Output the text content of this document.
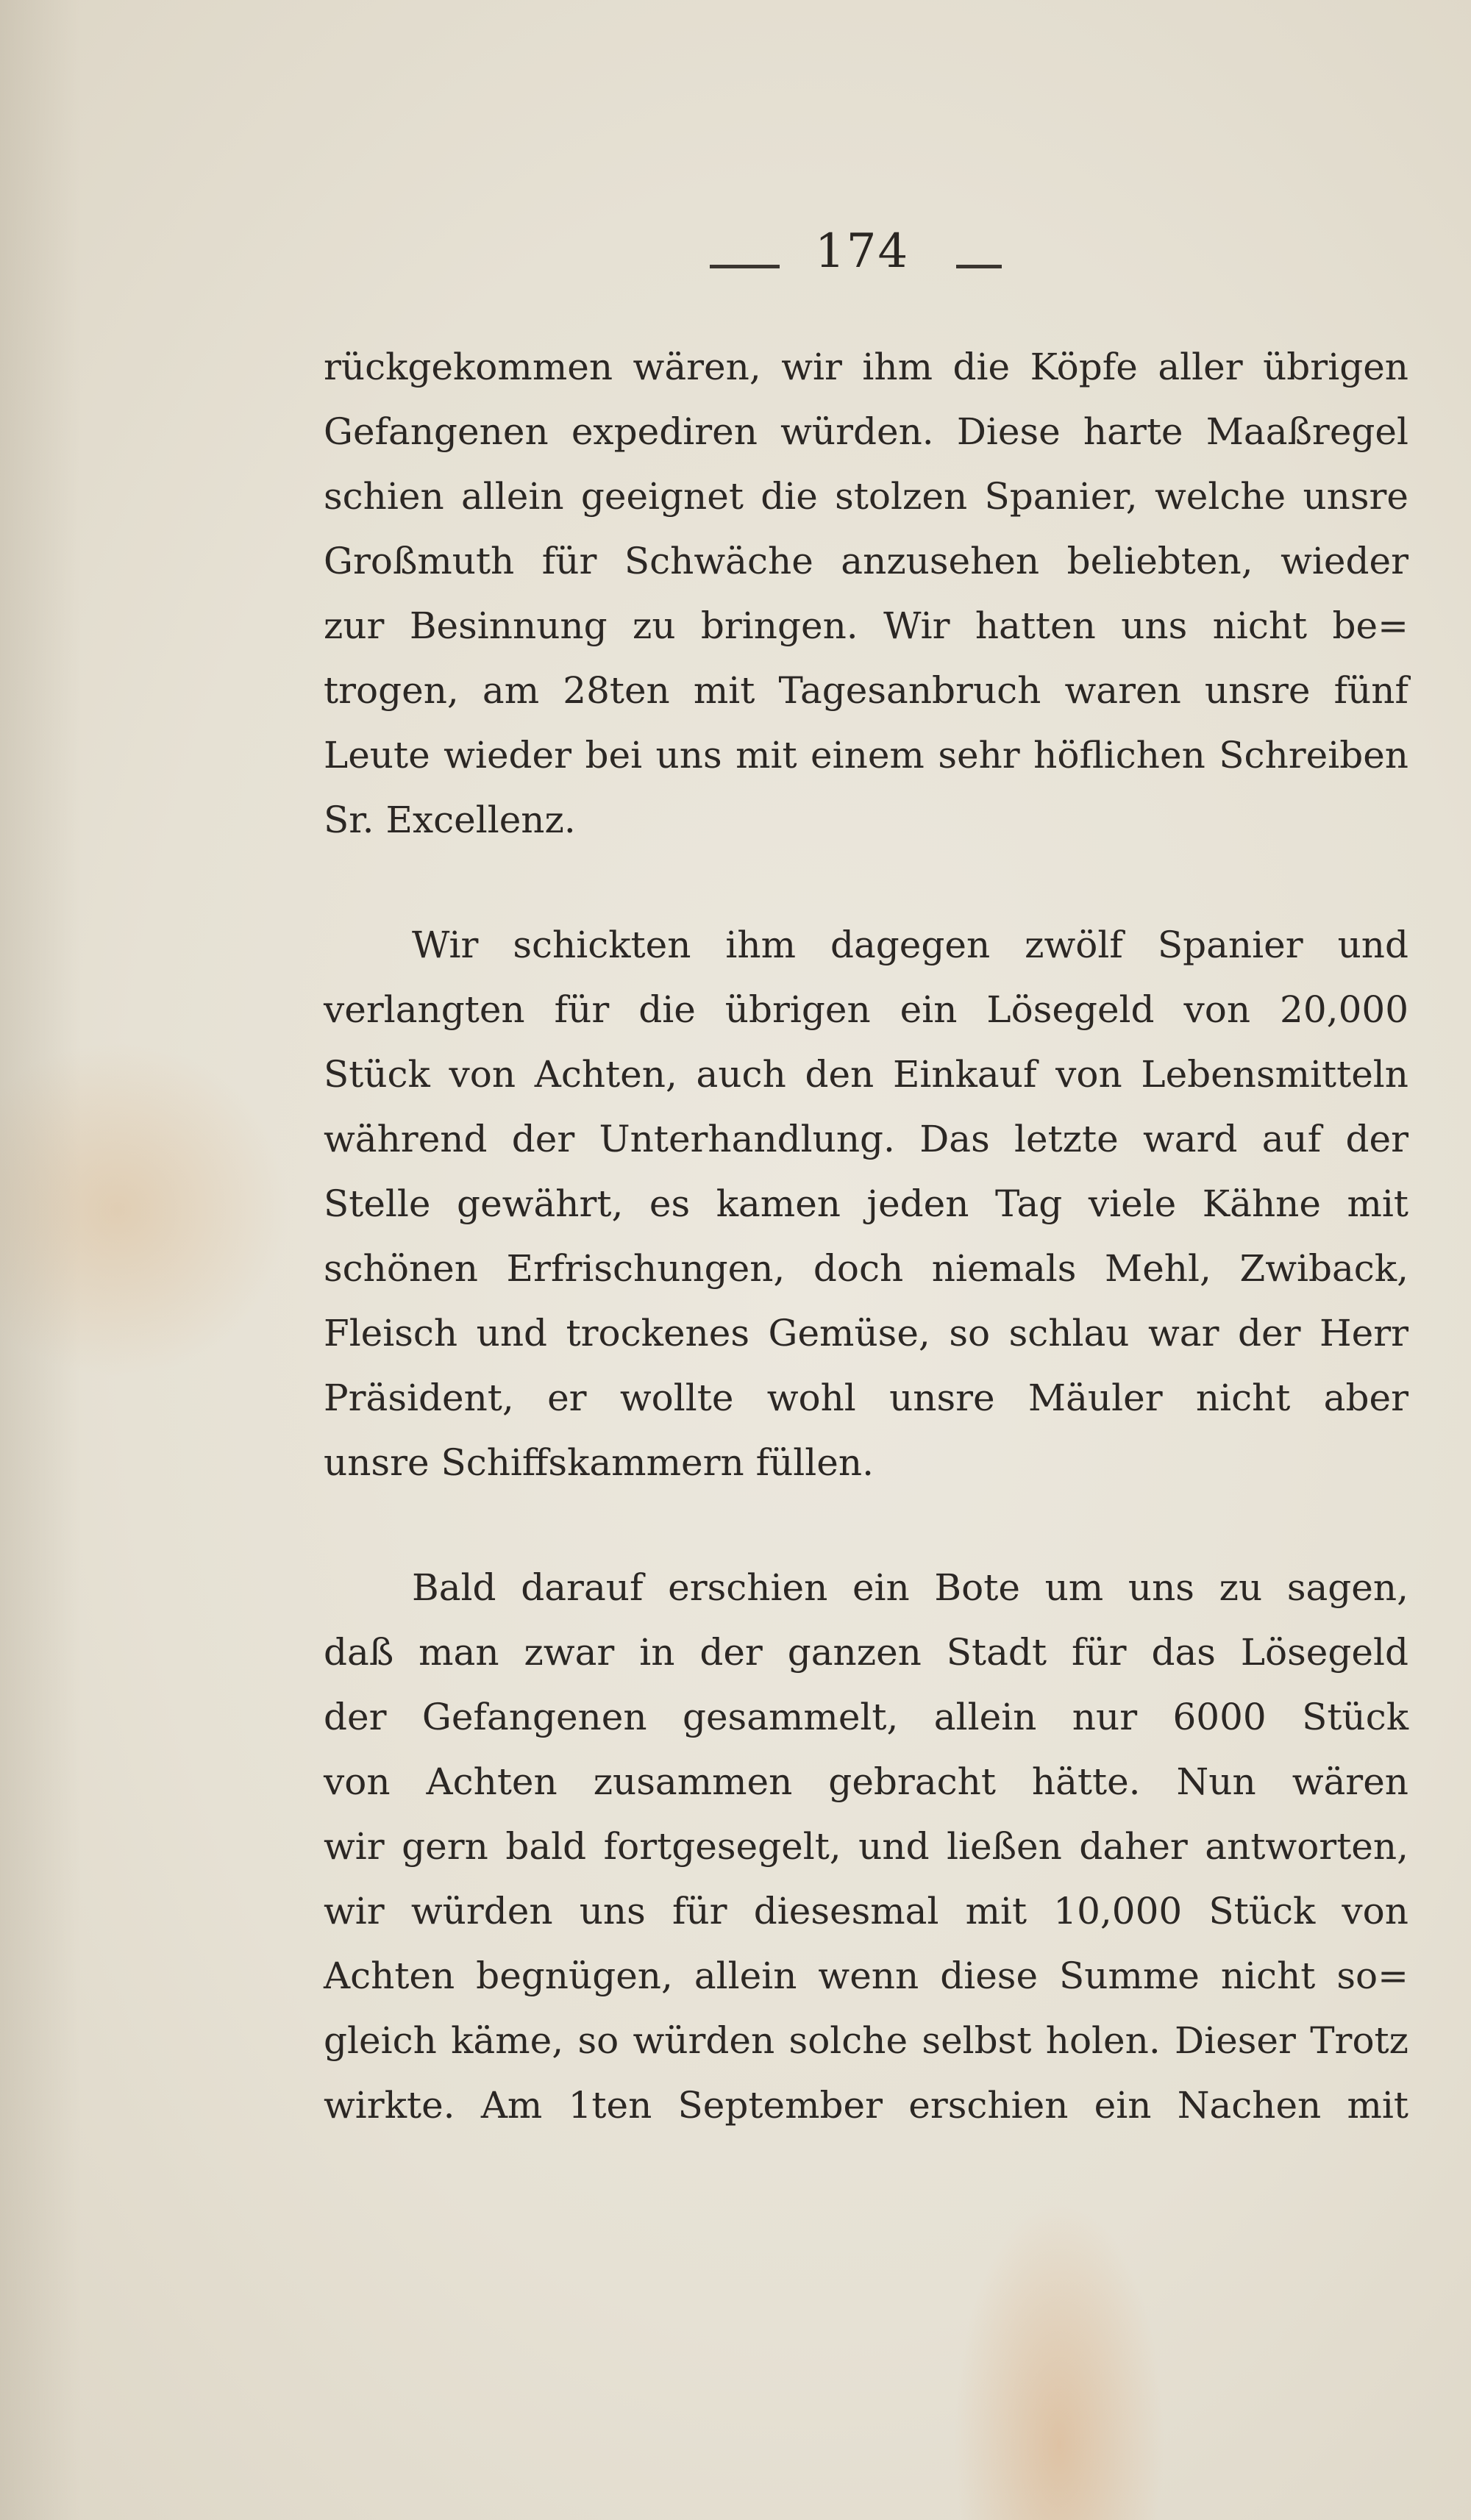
174
rückgekommen wären, wir ihm die Köpfe aller übrigen
Gefangenen expediren würden. Diese harte Maaßregel
schien allein geeignet die stolzen Spanier, welche unsre
Großmuth für Schwäche anzusehen beliebten, wieder
zur Besinnung zu bringen. Wir hatten uns nicht be=
trogen, am 28ten mit Tagesanbruch waren unsre fünf
Leute wieder bei uns mit einem sehr höflichen Schreiben
Sr. Excellenz.
Wir schickten ihm dagegen zwölf Spanier und
verlangten für die übrigen ein Lösegeld von 20,000
Stück von Achten, auch den Einkauf von Lebensmitteln
während der Unterhandlung. Das letzte ward auf der
Stelle gewährt, es kamen jeden Tag viele Kähne mit
schönen Erfrischungen, doch niemals Mehl, Zwiback,
Fleisch und trockenes Gemüse, so schlau war der Herr
Präsident, er wollte wohl unsre Mäuler nicht aber
unsre Schiffskammern füllen.
Bald darauf erschien ein Bote um uns zu sagen,
daß man zwar in der ganzen Stadt für das Lösegeld
der Gefangenen gesammelt, allein nur 6000 Stück
von Achten zusammen gebracht hätte. Nun wären
wir gern bald fortgesegelt, und ließen daher antworten,
wir würden uns für diesesmal mit 10,000 Stück von
Achten begnügen, allein wenn diese Summe nicht so=
gleich käme, so würden solche selbst holen. Dieser Trotz
wirkte. Am 1ten September erschien ein Nachen mit
